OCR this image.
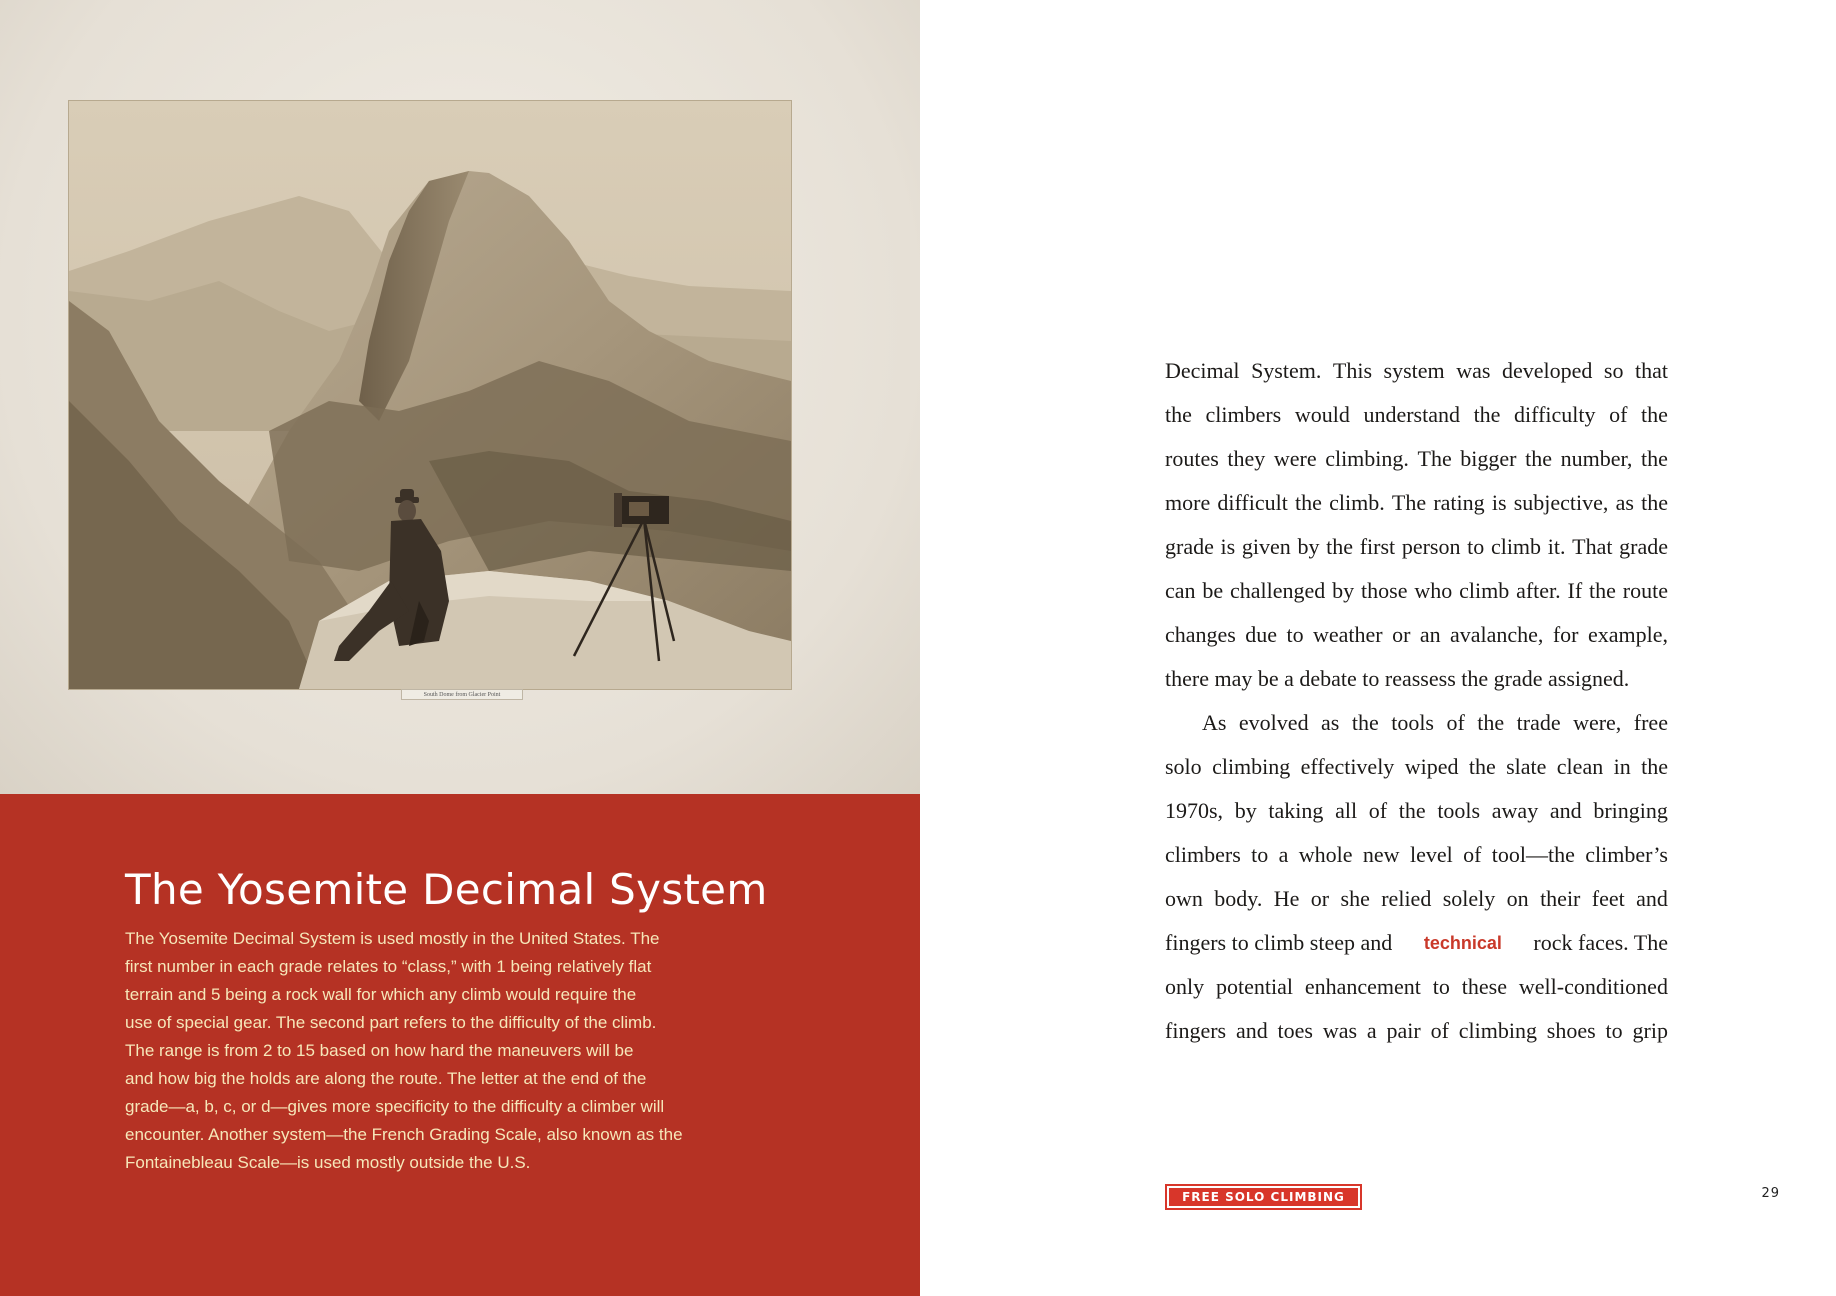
South Dome from Glacier Point
The Yosemite Decimal System
The Yosemite Decimal System is used mostly in the United States. The
first number in each grade relates to “class,” with 1 being relatively flat
terrain and 5 being a rock wall for which any climb would require the
use of special gear. The second part refers to the difficulty of the climb.
The range is from 2 to 15 based on how hard the maneuvers will be
and how big the holds are along the route. The letter at the end of the
grade—a, b, c, or d—gives more specificity to the difficulty a climber will
encounter. Another system—the French Grading Scale, also known as the
Fontainebleau Scale—is used mostly outside the U.S.
Decimal System. This system was developed so that
the climbers would understand the difficulty of the
routes they were climbing. The bigger the number, the
more difficult the climb. The rating is subjective, as the
grade is given by the first person to climb it. That grade
can be challenged by those who climb after. If the route
changes due to weather or an avalanche, for example,
there may be a debate to reassess the grade assigned.
As evolved as the tools of the trade were, free
solo climbing effectively wiped the slate clean in the
1970s, by taking all of the tools away and bringing
climbers to a whole new level of tool—the climber’s
own body. He or she relied solely on their feet and
fingers to climb steep and technical rock faces. The
only potential enhancement to these well-conditioned
fingers and toes was a pair of climbing shoes to grip
FREE SOLO CLIMBING	29
